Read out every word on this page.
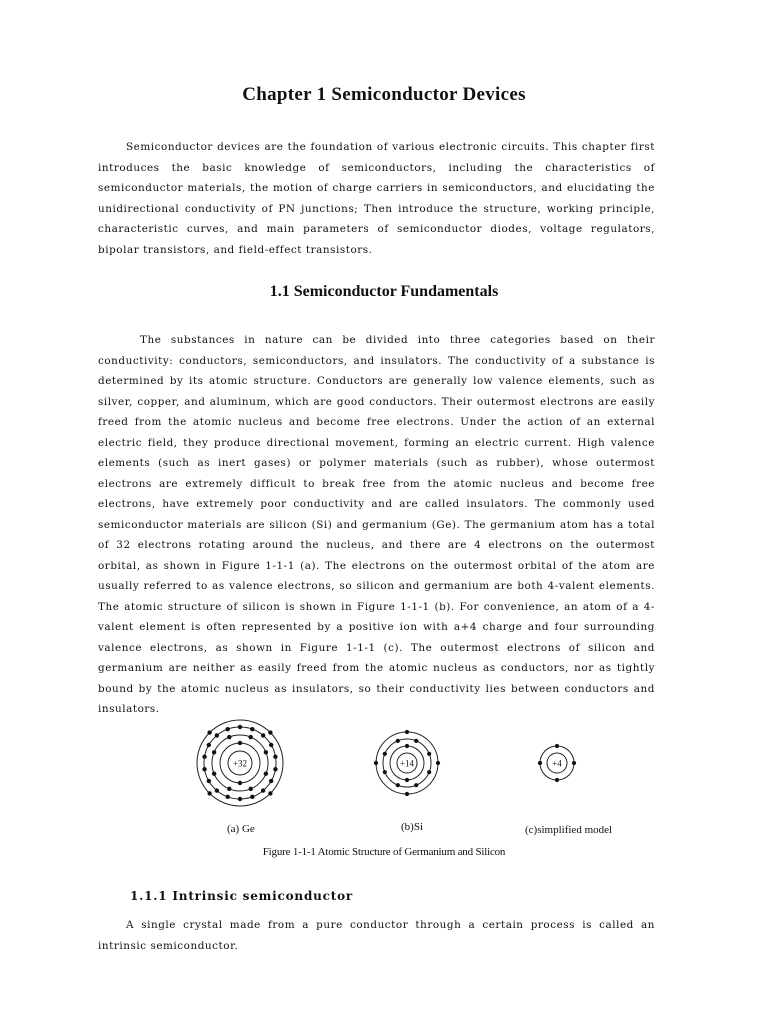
Chapter 1 Semiconductor Devices

Semiconductor devices are the foundation of various electronic circuits. This chapter first introduces the basic knowledge of semiconductors, including the characteristics of semiconductor materials, the motion of charge carriers in semiconductors, and elucidating the unidirectional conductivity of PN junctions; Then introduce the structure, working principle, characteristic curves, and main parameters of semiconductor diodes, voltage regulators, bipolar transistors, and field-effect transistors.

1.1 Semiconductor Fundamentals

The substances in nature can be divided into three categories based on their conductivity: conductors, semiconductors, and insulators. The conductivity of a substance is determined by its atomic structure. Conductors are generally low valence elements, such as silver, copper, and aluminum, which are good conductors. Their outermost electrons are easily freed from the atomic nucleus and become free electrons. Under the action of an external electric field, they produce directional movement, forming an electric current. High valence elements (such as inert gases) or polymer materials (such as rubber), whose outermost electrons are extremely difficult to break free from the atomic nucleus and become free electrons, have extremely poor conductivity and are called insulators. The commonly used semiconductor materials are silicon (Si) and germanium (Ge). The germanium atom has a total of 32 electrons rotating around the nucleus, and there are 4 electrons on the outermost orbital, as shown in Figure 1-1-1 (a). The electrons on the outermost orbital of the atom are usually referred to as valence electrons, so silicon and germanium are both 4-valent elements. The atomic structure of silicon is shown in Figure 1-1-1 (b). For convenience, an atom of a 4-valent element is often represented by a positive ion with a+4 charge and four surrounding valence electrons, as shown in Figure 1-1-1 (c). The outermost electrons of silicon and germanium are neither as easily freed from the atomic nucleus as conductors, nor as tightly bound by the atomic nucleus as insulators, so their conductivity lies between conductors and insulators.

+32	+14	+4
(a) Ge	(b)Si	(c)simplified model

Figure 1-1-1 Atomic Structure of Germanium and Silicon

1.1.1 Intrinsic semiconductor

A single crystal made from a pure conductor through a certain process is called an intrinsic semiconductor.
